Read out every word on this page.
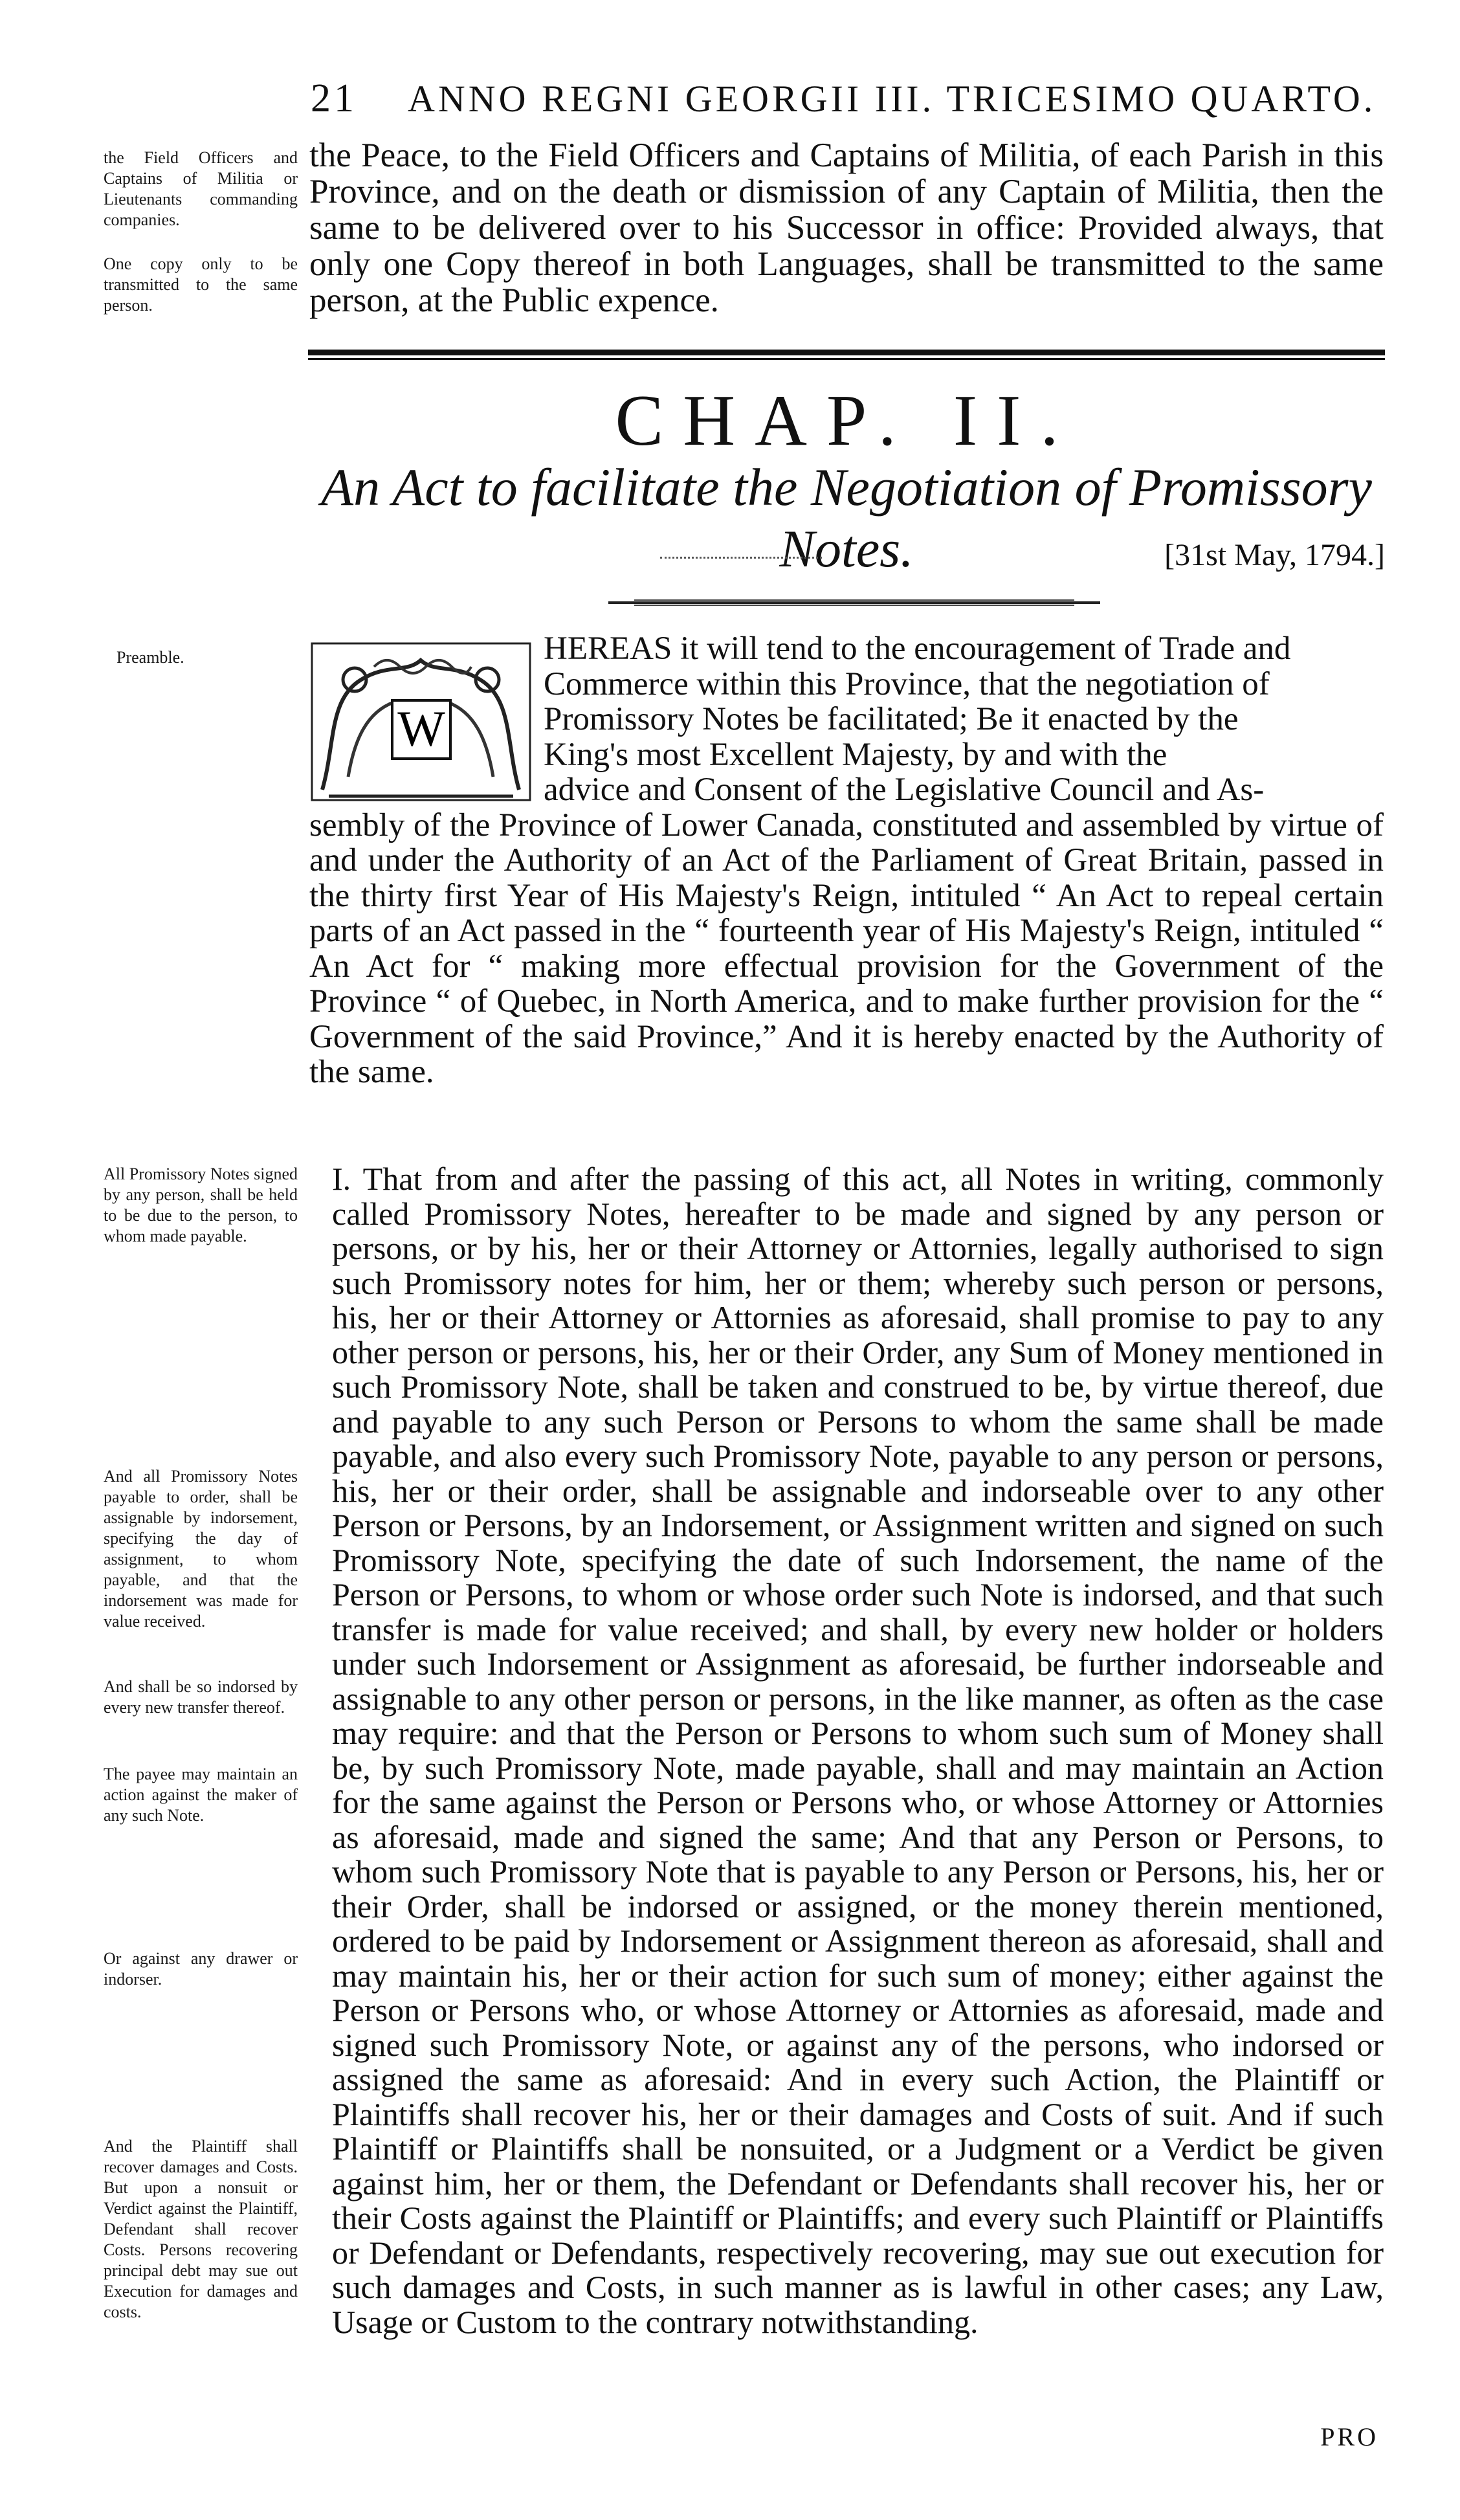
21 ANNO REGNI GEORGII III. TRICESIMO QUARTO.

the Field Officers and Captains of Militia or Lieutenants commanding companies.

One copy only to be transmitted to the same person.

the Peace, to the Field Officers and Captains of Militia, of each Parish in this Province, and on the death or dismission of any Captain of Militia, then the same to be delivered over to his Successor in office: Provided always, that only one Copy thereof in both Languages, shall be transmitted to the same person, at the Public expence.
CHAP. II.
An Act to facilitate the Negotiation of Promissory Notes.	[31st May, 1794.]

Preamble.

W
HEREAS it will tend to the encouragement of Trade and
Commerce within this Province, that the negotiation of
Promissory Notes be facilitated; Be it enacted by the
King's most Excellent Majesty, by and with the
advice and Consent of the Legislative Council and As-
sembly of the Province of Lower Canada, constituted and assembled by virtue of and under the Authority of an Act of the Parliament of Great Britain, passed in the thirty first Year of His Majesty's Reign, intituled “ An Act to repeal certain parts of an Act passed in the “ fourteenth year of His Majesty's Reign, intituled “ An Act for “ making more effectual provision for the Government of the Province “ of Quebec, in North America, and to make further provision for the “ Government of the said Province,” And it is hereby enacted by the Authority of the same.

All Promissory Notes signed by any person, shall be held to be due to the person, to whom made payable.

And all Promissory Notes payable to order, shall be assignable by indorsement, specifying the day of assignment, to whom payable, and that the indorsement was made for value received.

And shall be so indorsed by every new transfer thereof.

The payee may maintain an action against the maker of any such Note.

Or against any drawer or indorser.

And the Plaintiff shall recover damages and Costs. But upon a nonsuit or Verdict against the Plaintiff, Defendant shall recover Costs. Persons recovering principal debt may sue out Execution for damages and costs.

I. That from and after the passing of this act, all Notes in writing, commonly called Promissory Notes, hereafter to be made and signed by any person or persons, or by his, her or their Attorney or Attornies, legally authorised to sign such Promissory notes for him, her or them; whereby such person or persons, his, her or their Attorney or Attornies as aforesaid, shall promise to pay to any other person or persons, his, her or their Order, any Sum of Money mentioned in such Promissory Note, shall be taken and construed to be, by virtue thereof, due and payable to any such Person or Persons to whom the same shall be made payable, and also every such Promissory Note, payable to any person or persons, his, her or their order, shall be assignable and indorseable over to any other Person or Persons, by an Indorsement, or Assignment written and signed on such Promissory Note, specifying the date of such Indorsement, the name of the Person or Persons, to whom or whose order such Note is indorsed, and that such transfer is made for value received; and shall, by every new holder or holders under such Indorsement or Assignment as aforesaid, be further indorseable and assignable to any other person or persons, in the like manner, as often as the case may require: and that the Person or Persons to whom such sum of Money shall be, by such Promissory Note, made payable, shall and may maintain an Action for the same against the Person or Persons who, or whose Attorney or Attornies as aforesaid, made and signed the same; And that any Person or Persons, to whom such Promissory Note that is payable to any Person or Persons, his, her or their Order, shall be indorsed or assigned, or the money therein mentioned, ordered to be paid by Indorsement or Assignment thereon as aforesaid, shall and may maintain his, her or their action for such sum of money; either against the Person or Persons who, or whose Attorney or Attornies as aforesaid, made and signed such Promissory Note, or against any of the persons, who indorsed or assigned the same as aforesaid: And in every such Action, the Plaintiff or Plaintiffs shall recover his, her or their damages and Costs of suit. And if such Plaintiff or Plaintiffs shall be nonsuited, or a Judgment or a Verdict be given against him, her or them, the Defendant or Defendants shall recover his, her or their Costs against the Plaintiff or Plaintiffs; and every such Plaintiff or Plaintiffs or Defendant or Defendants, respectively recovering, may sue out execution for such damages and Costs, in such manner as is lawful in other cases; any Law, Usage or Custom to the contrary notwithstanding.
PRO
